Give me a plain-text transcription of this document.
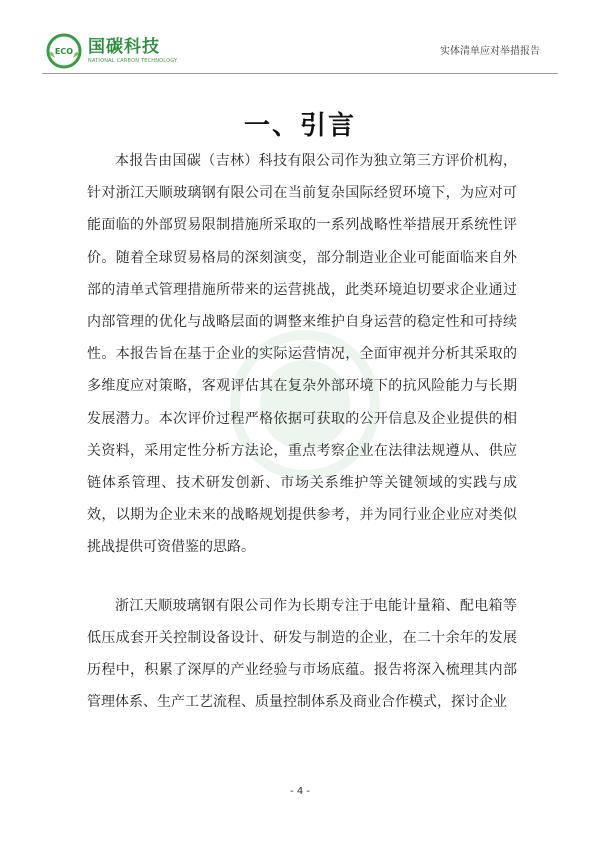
ECO 国碳科技
NATIONAL CARBON TECHNOLOGY
实体清单应对举措报告
一、引言

本报告由国碳（吉林）科技有限公司作为独立第三方评价机构，针对浙江天顺玻璃钢有限公司在当前复杂国际经贸环境下，为应对可能面临的外部贸易限制措施所采取的一系列战略性举措展开系统性评价。随着全球贸易格局的深刻演变，部分制造业企业可能面临来自外部的清单式管理措施所带来的运营挑战，此类环境迫切要求企业通过内部管理的优化与战略层面的调整来维护自身运营的稳定性和可持续性。本报告旨在基于企业的实际运营情况，全面审视并分析其采取的多维度应对策略，客观评估其在复杂外部环境下的抗风险能力与长期发展潜力。本次评价过程严格依据可获取的公开信息及企业提供的相关资料，采用定性分析方法论，重点考察企业在法律法规遵从、供应链体系管理、技术研发创新、市场关系维护等关键领域的实践与成效，以期为企业未来的战略规划提供参考，并为同行业企业应对类似挑战提供可资借鉴的思路。

浙江天顺玻璃钢有限公司作为长期专注于电能计量箱、配电箱等低压成套开关控制设备设计、研发与制造的企业，在二十余年的发展历程中，积累了深厚的产业经验与市场底蕴。报告将深入梳理其内部管理体系、生产工艺流程、质量控制体系及商业合作模式，探讨企业

- 4 -
